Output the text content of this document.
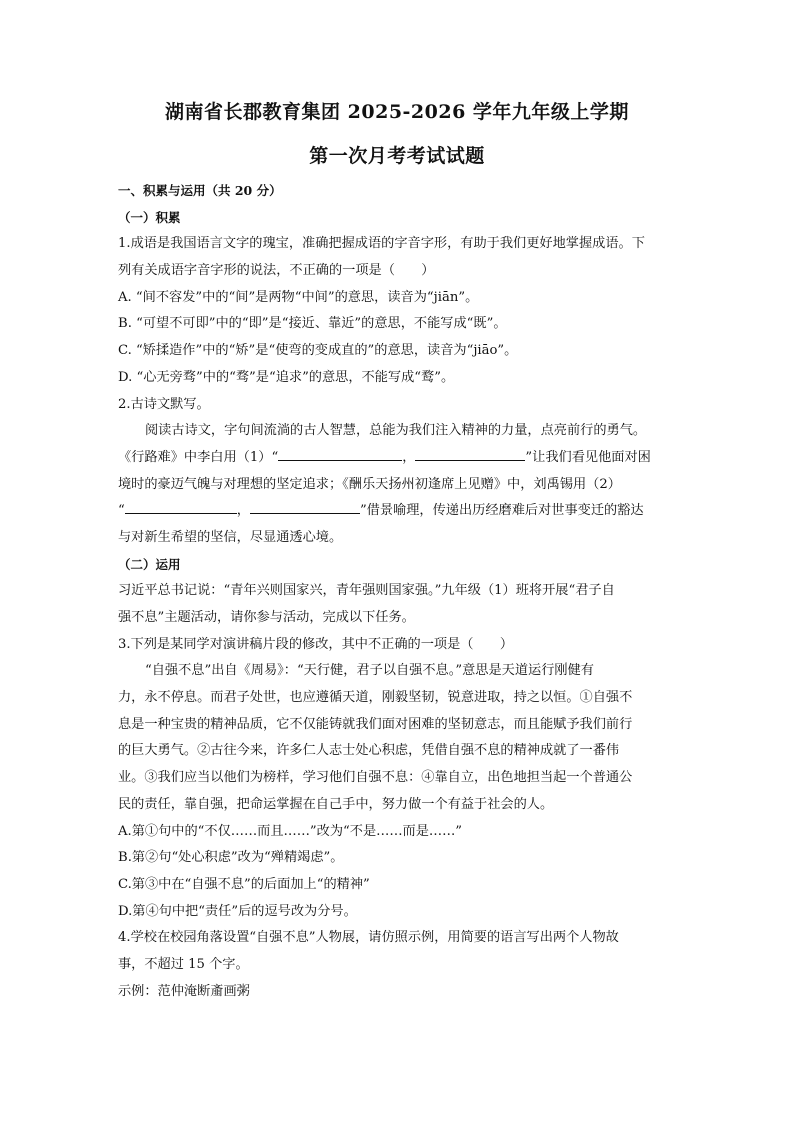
湖南省长郡教育集团 2025-2026 学年九年级上学期
第一次月考考试试题
一、积累与运用（共 20 分）
（一）积累
1.成语是我国语言文字的瑰宝，准确把握成语的字音字形，有助于我们更好地掌握成语。下
列有关成语字音字形的说法，不正确的一项是（　　）
A. “间不容发”中的“间”是两物“中间”的意思，读音为“jiān”。
B. “可望不可即”中的“即”是“接近、靠近”的意思，不能写成“既”。
C. “矫揉造作”中的“矫”是“使弯的变成直的”的意思，读音为“jiāo”。
D. “心无旁骛”中的“骛”是“追求”的意思，不能写成“鹜”。
2.古诗文默写。
阅读古诗文，字句间流淌的古人智慧，总能为我们注入精神的力量，点亮前行的勇气。
《行路难》中李白用（1）“	，	”让我们看见他面对困
境时的豪迈气魄与对理想的坚定追求；《酬乐天扬州初逢席上见赠》中，刘禹锡用（2）
“	，	”借景喻理，传递出历经磨难后对世事变迁的豁达
与对新生希望的坚信，尽显通透心境。
（二）运用
习近平总书记说：“青年兴则国家兴，青年强则国家强。”九年级（1）班将开展“君子自
强不息”主题活动，请你参与活动，完成以下任务。
3.下列是某同学对演讲稿片段的修改，其中不正确的一项是（　　）
“自强不息”出自《周易》：“天行健，君子以自强不息。”意思是天道运行刚健有
力，永不停息。而君子处世，也应遵循天道，刚毅坚韧，锐意进取，持之以恒。①自强不
息是一种宝贵的精神品质，它不仅能铸就我们面对困难的坚韧意志，而且能赋予我们前行
的巨大勇气。②古往今来，许多仁人志士处心积虑，凭借自强不息的精神成就了一番伟
业。③我们应当以他们为榜样，学习他们自强不息：④靠自立，出色地担当起一个普通公
民的责任，靠自强，把命运掌握在自己手中，努力做一个有益于社会的人。
A.第①句中的“不仅……而且……”改为“不是……而是……”
B.第②句“处心积虑”改为“殚精竭虑”。
C.第③中在“自强不息”的后面加上“的精神”
D.第④句中把“责任”后的逗号改为分号。
4.学校在校园角落设置“自强不息”人物展，请仿照示例，用简要的语言写出两个人物故
事，不超过 15 个字。
示例：范仲淹断齑画粥
